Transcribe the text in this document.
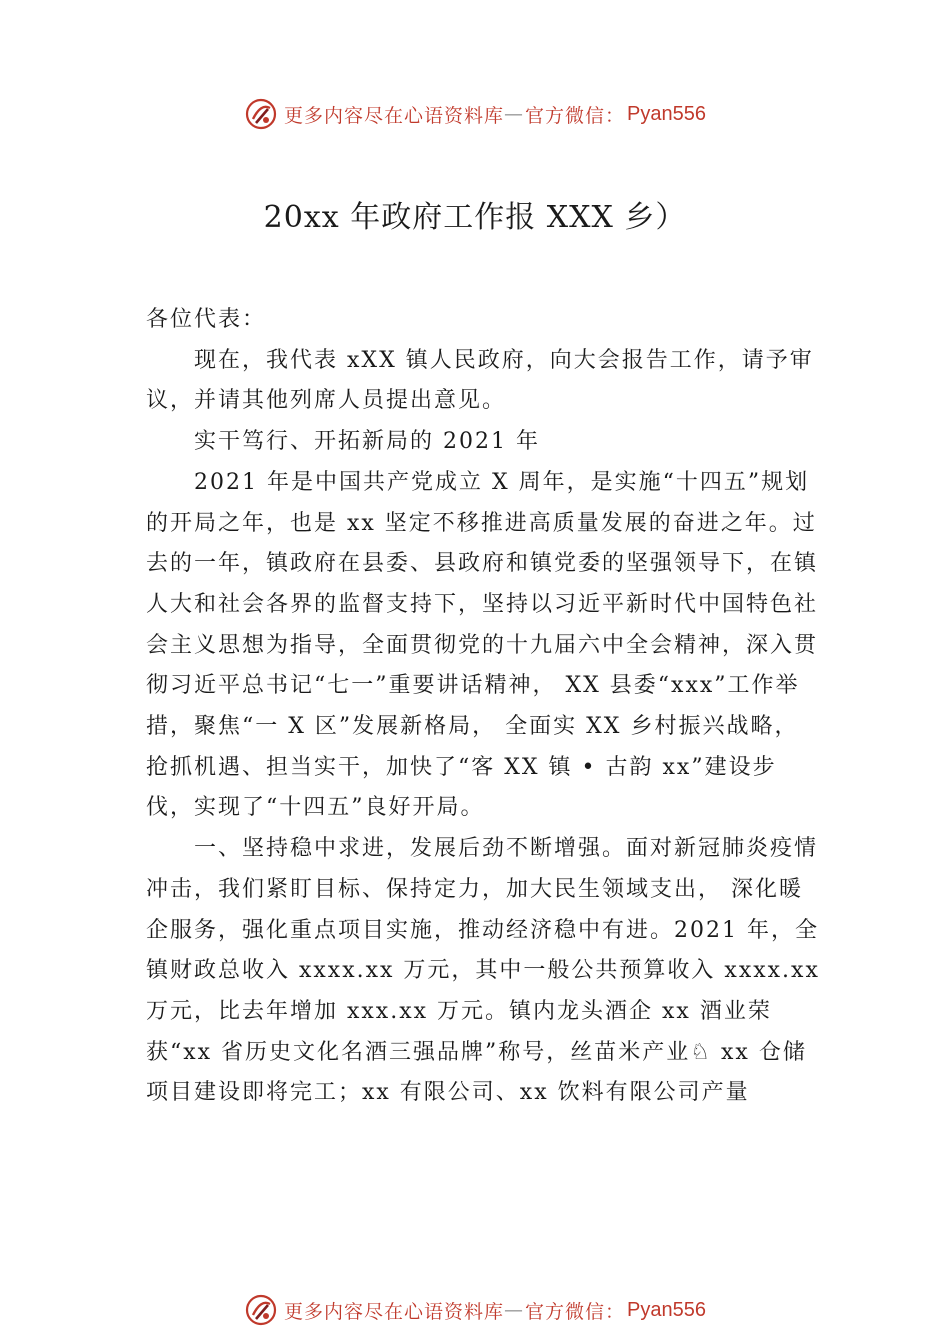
更多内容尽在心语资料库 — 官方微信： Pyan556
20xx 年政府工作报 XXX 乡）

各位代表：

现在，我代表 xXX 镇人民政府，向大会报告工作，请予审议，并请其他列席人员提出意见。

实干笃行、开拓新局的 2021 年

2021 年是中国共产党成立 X 周年，是实施“十四五”规划的开局之年，也是 xx 坚定不移推进高质量发展的奋进之年。过去的一年，镇政府在县委、县政府和镇党委的坚强领导下，在镇人大和社会各界的监督支持下，坚持以习近平新时代中国特色社会主义思想为指导，全面贯彻党的十九届六中全会精神，深入贯彻习近平总书记“七一”重要讲话精神， XX 县委“xxx”工作举措，聚焦“一 X 区”发展新格局， 全面实 XX 乡村振兴战略，抢抓机遇、担当实干，加快了“客 XX 镇 • 古韵 xx”建设步伐，实现了“十四五”良好开局。

一、坚持稳中求进，发展后劲不断增强。面对新冠肺炎疫情冲击，我们紧盯目标、保持定力，加大民生领域支出， 深化暖企服务，强化重点项目实施，推动经济稳中有进。2021 年，全镇财政总收入 xxxx.xx 万元，其中一般公共预算收入 xxxx.xx 万元，比去年增加 xxx.xx 万元。镇内龙头酒企 xx 酒业荣获“xx 省历史文化名酒三强品牌”称号，丝苗米产业♘ xx 仓储项目建设即将完工；xx 有限公司、xx 饮料有限公司产量

更多内容尽在心语资料库 — 官方微信： Pyan556
